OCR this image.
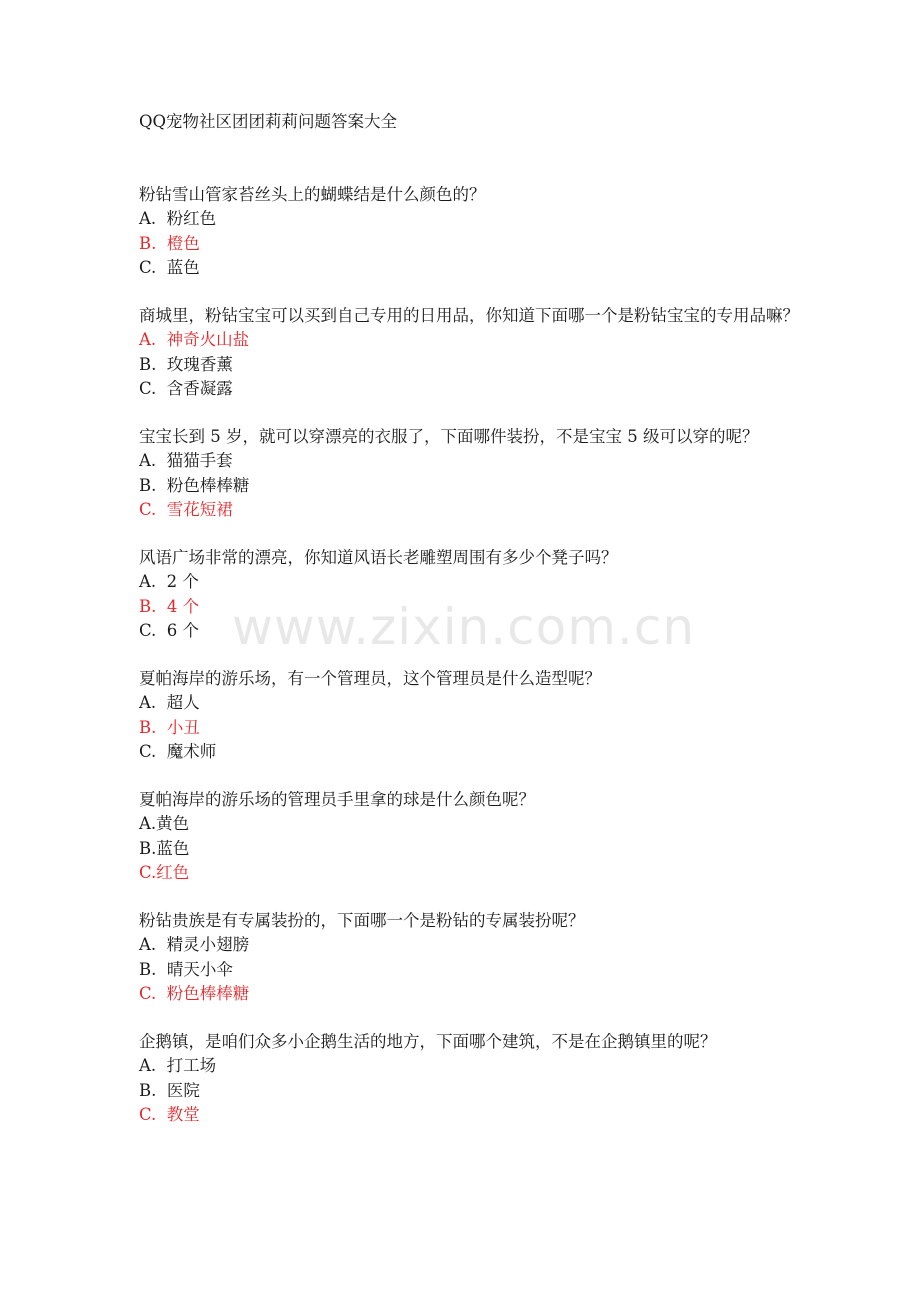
QQ宠物社区团团莉莉问题答案大全

粉钻雪山管家苔丝头上的蝴蝶结是什么颜色的？

A.  粉红色

B.  橙色

C.  蓝色

商城里，粉钻宝宝可以买到自己专用的日用品，你知道下面哪一个是粉钻宝宝的专用品嘛？

A.  神奇火山盐

B.  玫瑰香薰

C.  含香凝露

宝宝长到 5 岁，就可以穿漂亮的衣服了，下面哪件装扮，不是宝宝 5 级可以穿的呢？

A.  猫猫手套

B.  粉色棒棒糖

C.  雪花短裙

风语广场非常的漂亮，你知道风语长老雕塑周围有多少个凳子吗？

A.  2 个

B.  4 个

C.  6 个

夏帕海岸的游乐场，有一个管理员，这个管理员是什么造型呢？

A.  超人

B.  小丑

C.  魔术师

夏帕海岸的游乐场的管理员手里拿的球是什么颜色呢？

A.黄色

B.蓝色

C.红色

粉钻贵族是有专属装扮的，下面哪一个是粉钻的专属装扮呢？

A.  精灵小翅膀

B.  晴天小伞

C.  粉色棒棒糖

企鹅镇，是咱们众多小企鹅生活的地方，下面哪个建筑，不是在企鹅镇里的呢？

A.  打工场

B.  医院

C.  教堂

www.zixin.com.cn
